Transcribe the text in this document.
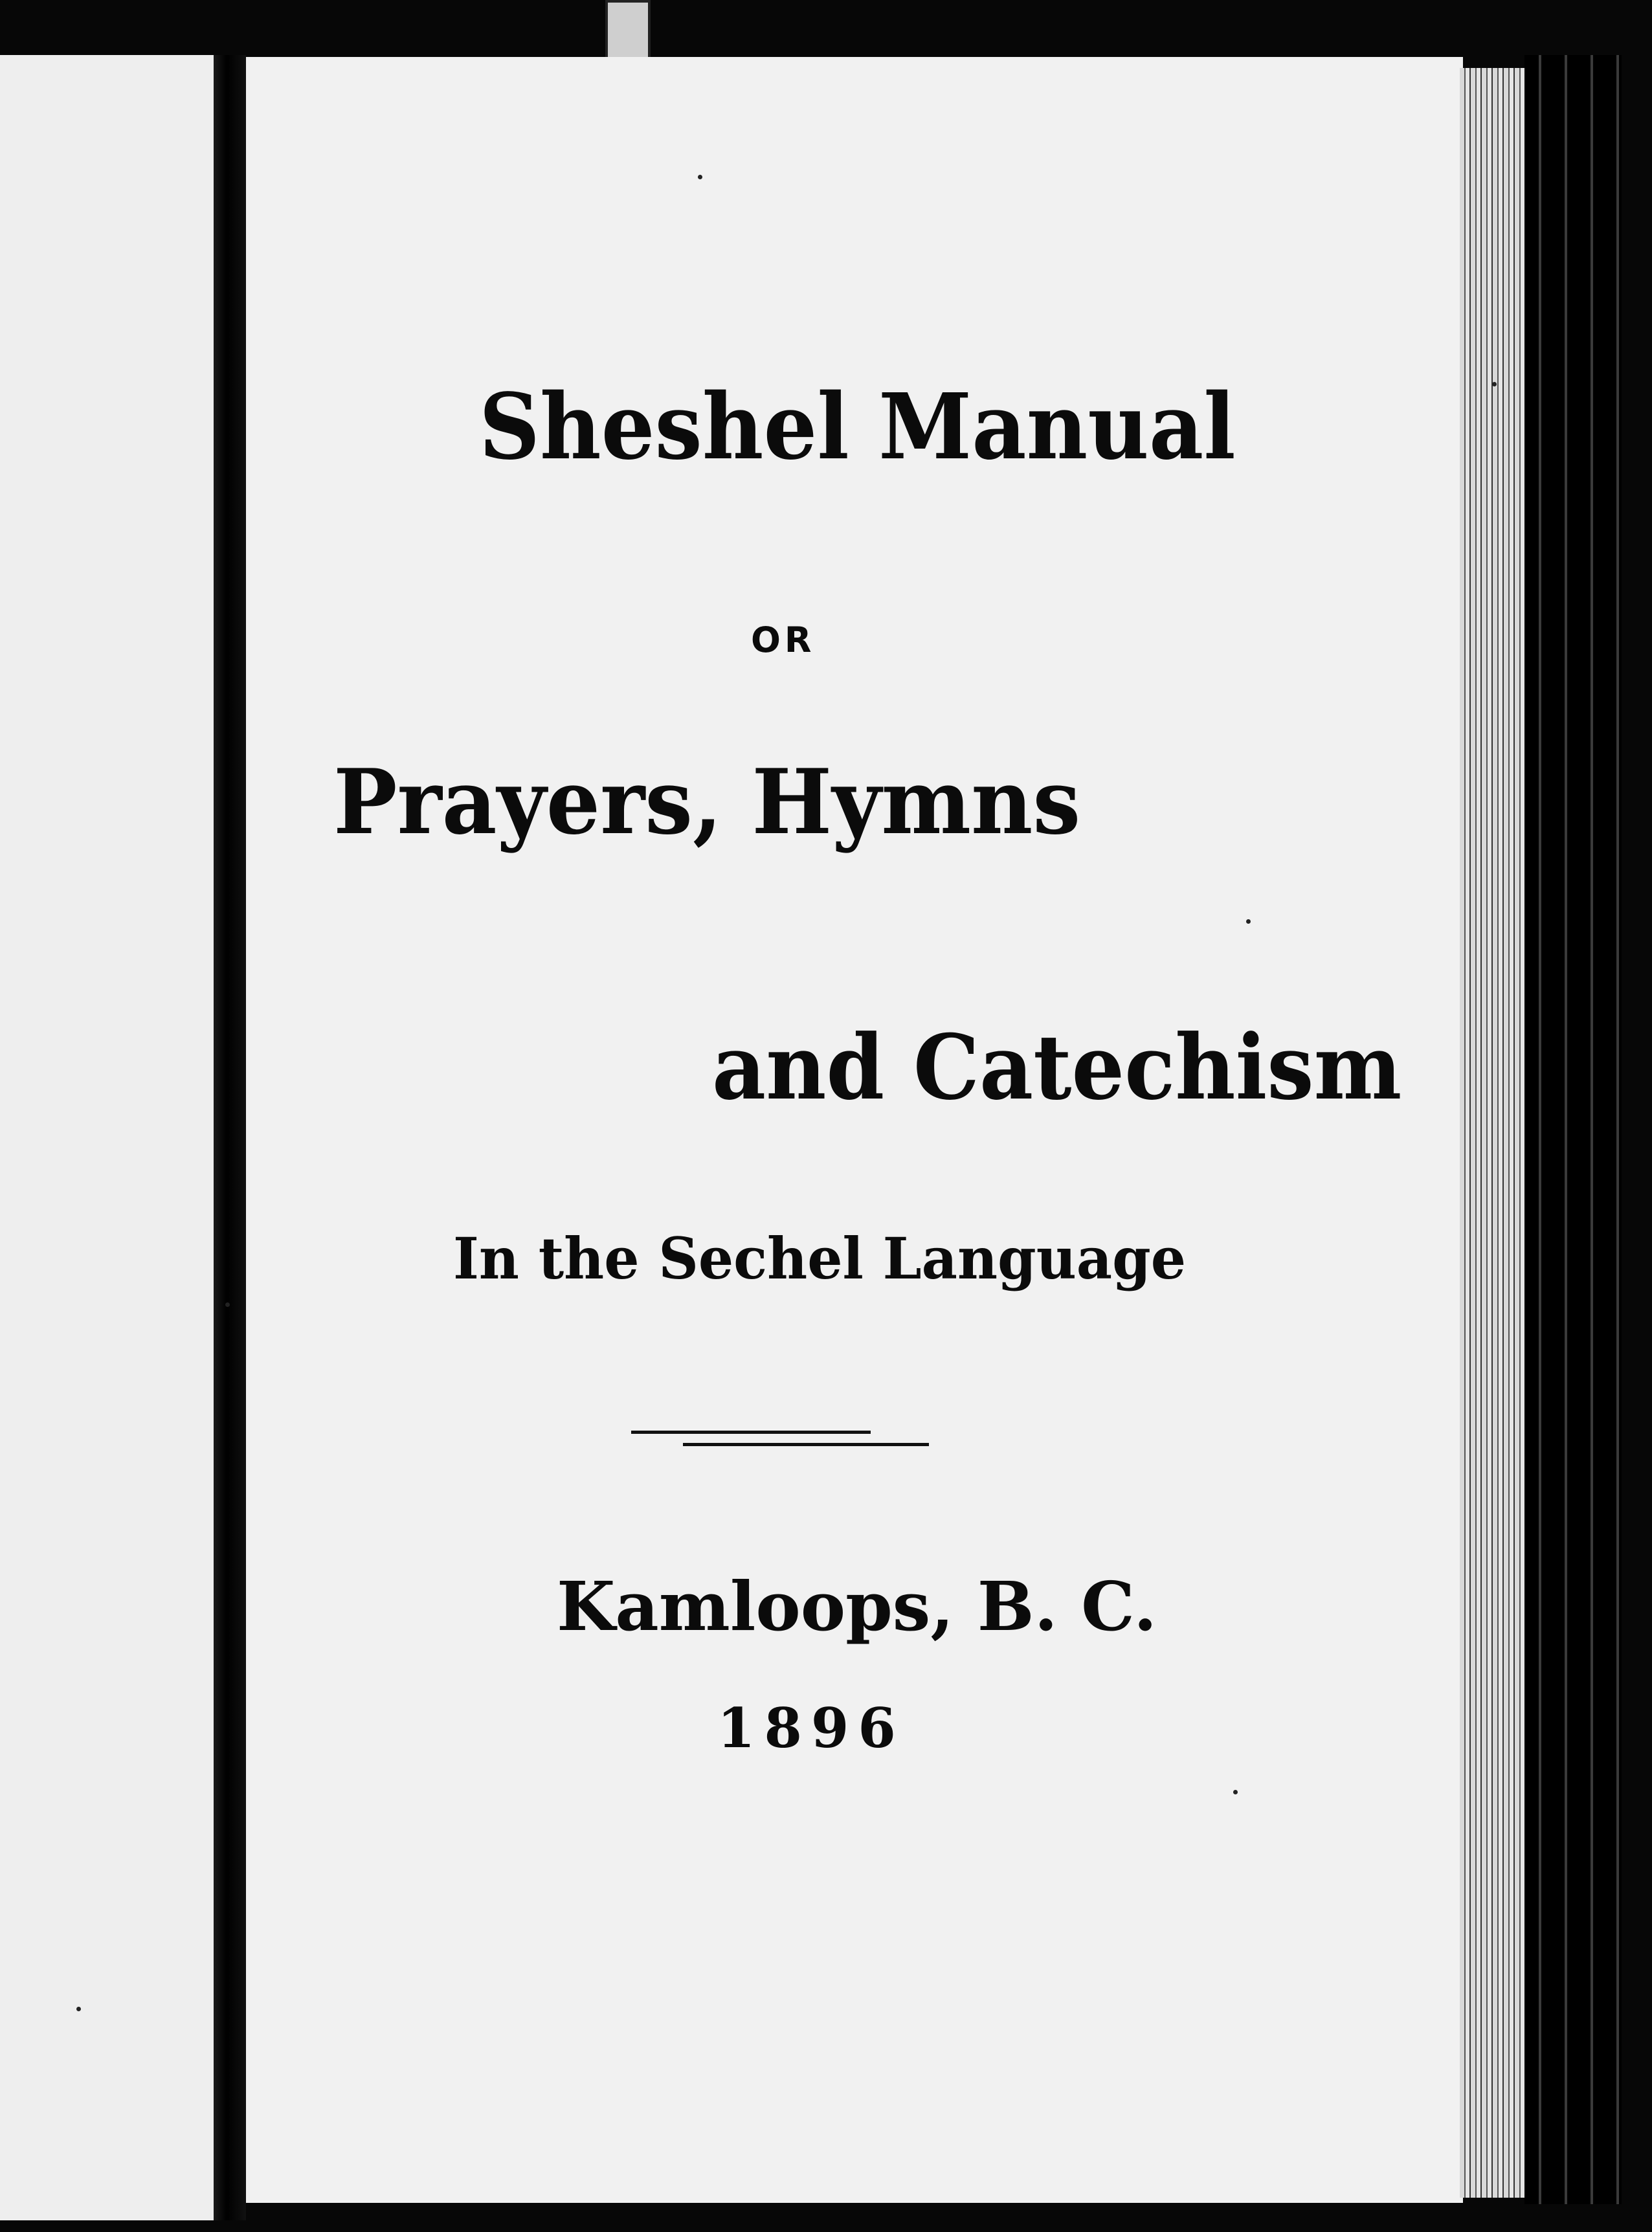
Sheshel Manual

OR

Prayers, Hymns

and Catechism

In the Sechel Language

Kamloops, B. C.

1896
